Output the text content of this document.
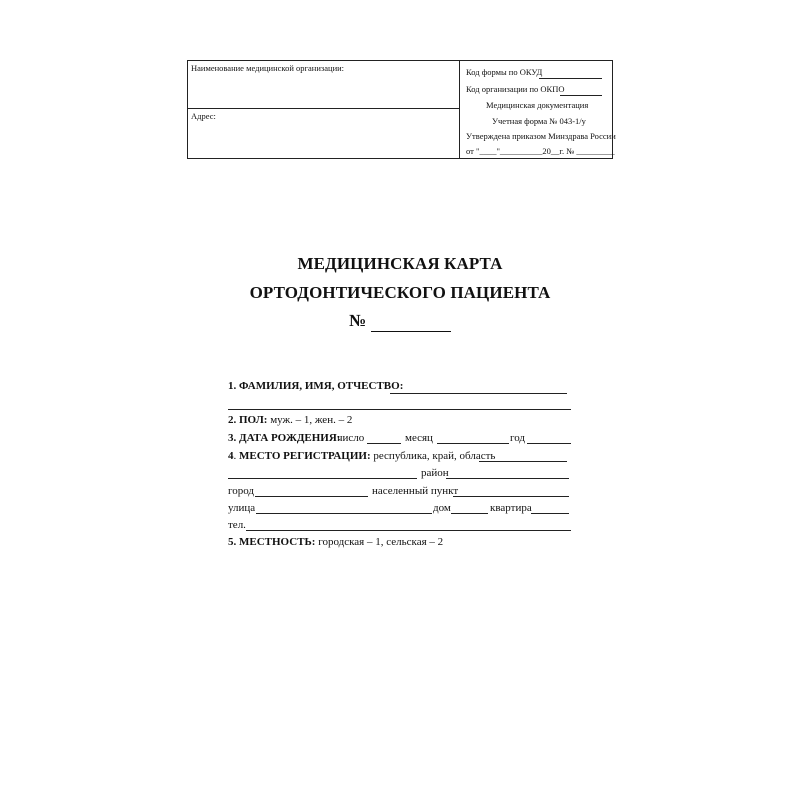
Наименование медицинской организации:
Адрес:
Код формы по ОКУД
Код организации по ОКПО
Медицинская документация
Учетная форма № 043-1/у
Утверждена приказом Минздрава России
от "____"__________20__г. № _________
МЕДИЦИНСКАЯ КАРТА
ОРТОДОНТИЧЕСКОГО ПАЦИЕНТА
№
1. ФАМИЛИЯ, ИМЯ, ОТЧЕСТВО:
2. ПОЛ: муж. – 1, жен. – 2
3. ДАТА РОЖДЕНИЯ:
число	месяц	год
4. МЕСТО РЕГИСТРАЦИИ: республика, край, область
район
город	населенный пункт
улица	дом	квартира
тел.
5. МЕСТНОСТЬ: городская – 1, сельская – 2
